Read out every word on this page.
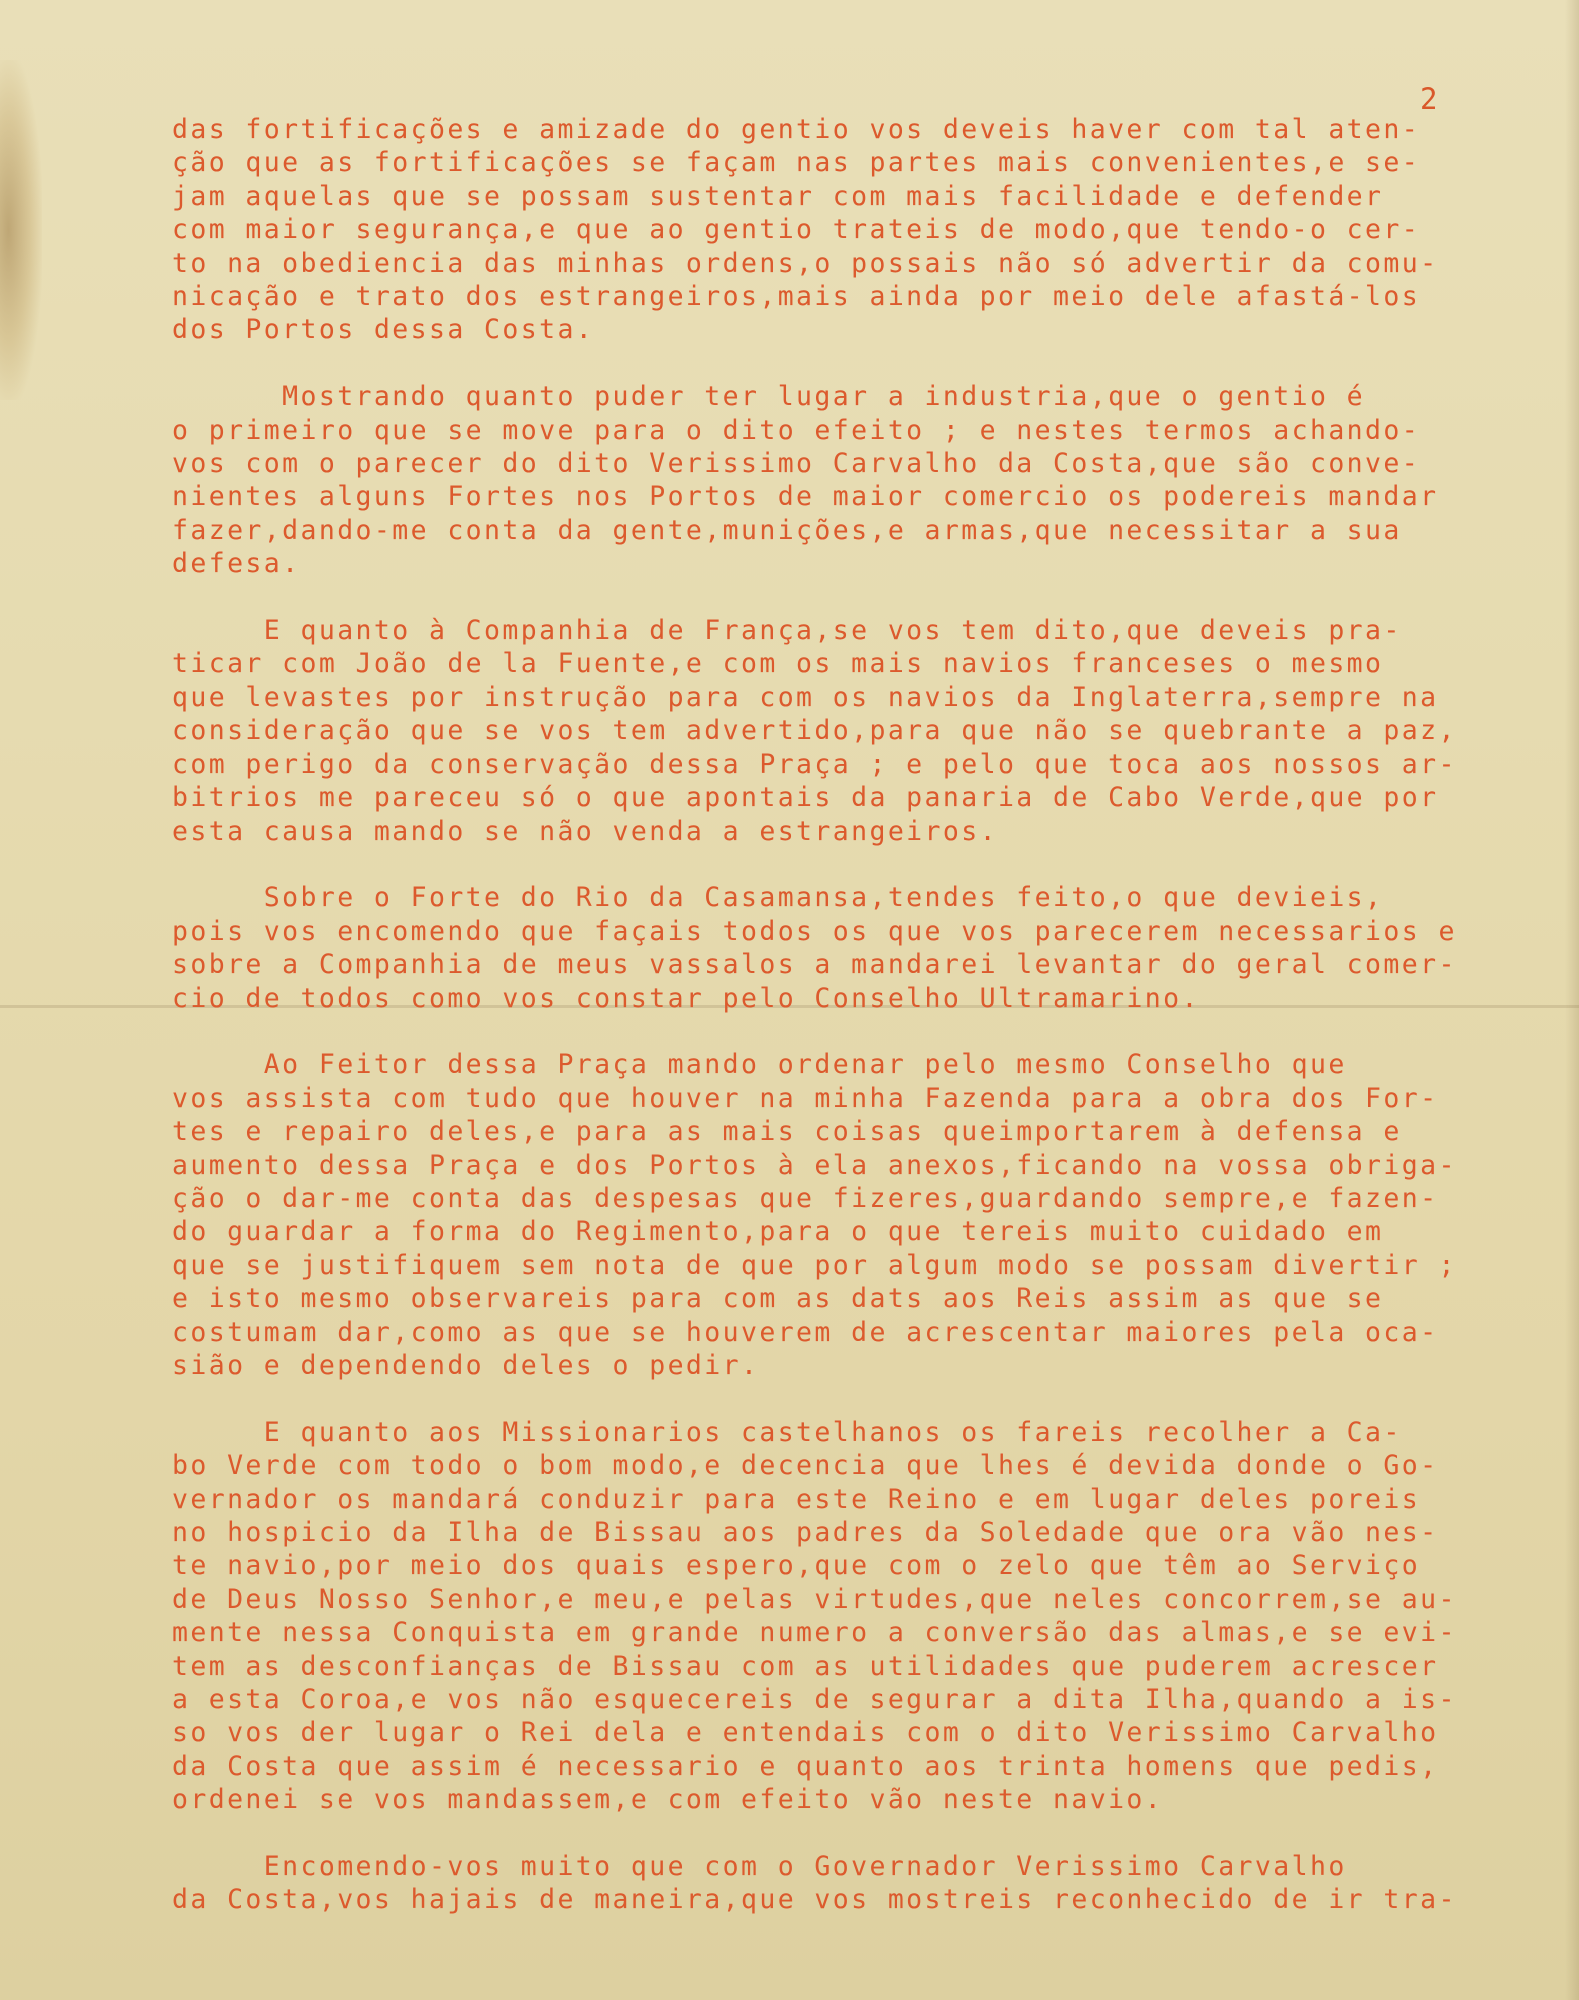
2
das fortificações e amizade do gentio vos deveis haver com tal aten-
ção que as fortificações se façam nas partes mais convenientes,e se-
jam aquelas que se possam sustentar com mais facilidade e defender
com maior segurança,e que ao gentio trateis de modo,que tendo-o cer-
to na obediencia das minhas ordens,o possais não só advertir da comu-
nicação e trato dos estrangeiros,mais ainda por meio dele afastá-los
dos Portos dessa Costa.
Mostrando quanto puder ter lugar a industria,que o gentio é
o primeiro que se move para o dito efeito ; e nestes termos achando-
vos com o parecer do dito Verissimo Carvalho da Costa,que são conve-
nientes alguns Fortes nos Portos de maior comercio os podereis mandar
fazer,dando-me conta da gente,munições,e armas,que necessitar a sua
defesa.
E quanto à Companhia de França,se vos tem dito,que deveis pra-
ticar com João de la Fuente,e com os mais navios franceses o mesmo
que levastes por instrução para com os navios da Inglaterra,sempre na
consideração que se vos tem advertido,para que não se quebrante a paz,
com perigo da conservação dessa Praça ; e pelo que toca aos nossos ar-
bitrios me pareceu só o que apontais da panaria de Cabo Verde,que por
esta causa mando se não venda a estrangeiros.
Sobre o Forte do Rio da Casamansa,tendes feito,o que devieis,
pois vos encomendo que façais todos os que vos parecerem necessarios e
sobre a Companhia de meus vassalos a mandarei levantar do geral comer-
cio de todos como vos constar pelo Conselho Ultramarino.
Ao Feitor dessa Praça mando ordenar pelo mesmo Conselho que
vos assista com tudo que houver na minha Fazenda para a obra dos For-
tes e repairo deles,e para as mais coisas queimportarem à defensa e
aumento dessa Praça e dos Portos à ela anexos,ficando na vossa obriga-
ção o dar-me conta das despesas que fizeres,guardando sempre,e fazen-
do guardar a forma do Regimento,para o que tereis muito cuidado em
que se justifiquem sem nota de que por algum modo se possam divertir ;
e isto mesmo observareis para com as dats aos Reis assim as que se
costumam dar,como as que se houverem de acrescentar maiores pela oca-
sião e dependendo deles o pedir.
E quanto aos Missionarios castelhanos os fareis recolher a Ca-
bo Verde com todo o bom modo,e decencia que lhes é devida donde o Go-
vernador os mandará conduzir para este Reino e em lugar deles poreis
no hospicio da Ilha de Bissau aos padres da Soledade que ora vão nes-
te navio,por meio dos quais espero,que com o zelo que têm ao Serviço
de Deus Nosso Senhor,e meu,e pelas virtudes,que neles concorrem,se au-
mente nessa Conquista em grande numero a conversão das almas,e se evi-
tem as desconfianças de Bissau com as utilidades que puderem acrescer
a esta Coroa,e vos não esquecereis de segurar a dita Ilha,quando a is-
so vos der lugar o Rei dela e entendais com o dito Verissimo Carvalho
da Costa que assim é necessario e quanto aos trinta homens que pedis,
ordenei se vos mandassem,e com efeito vão neste navio.
Encomendo-vos muito que com o Governador Verissimo Carvalho
da Costa,vos hajais de maneira,que vos mostreis reconhecido de ir tra-
